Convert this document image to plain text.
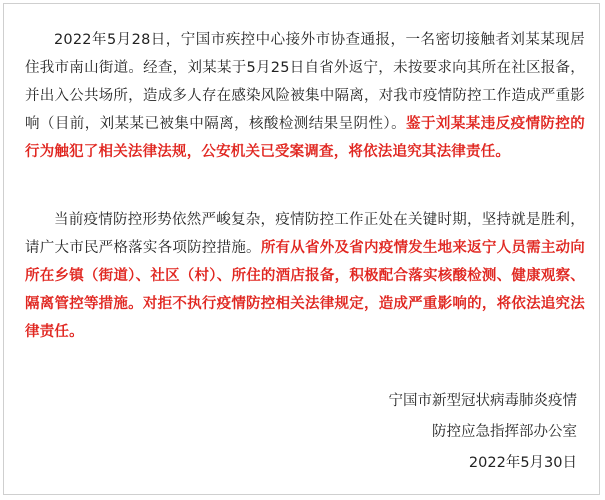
2022年5月28日，宁国市疾控中心接外市协查通报，一名密切接触者刘某某现居住我市南山街道。经查，刘某某于5月25日自省外返宁，未按要求向其所在社区报备，并出入公共场所，造成多人存在感染风险被集中隔离，对我市疫情防控工作造成严重影响（目前，刘某某已被集中隔离，核酸检测结果呈阴性）。鉴于刘某某违反疫情防控的行为触犯了相关法律法规，公安机关已受案调查，将依法追究其法律责任。

当前疫情防控形势依然严峻复杂，疫情防控工作正处在关键时期，坚持就是胜利，请广大市民严格落实各项防控措施。所有从省外及省内疫情发生地来返宁人员需主动向所在乡镇（街道）、社区（村）、所住的酒店报备，积极配合落实核酸检测、健康观察、隔离管控等措施。对拒不执行疫情防控相关法律规定，造成严重影响的，将依法追究法律责任。

宁国市新型冠状病毒肺炎疫情
防控应急指挥部办公室
2022年5月30日
